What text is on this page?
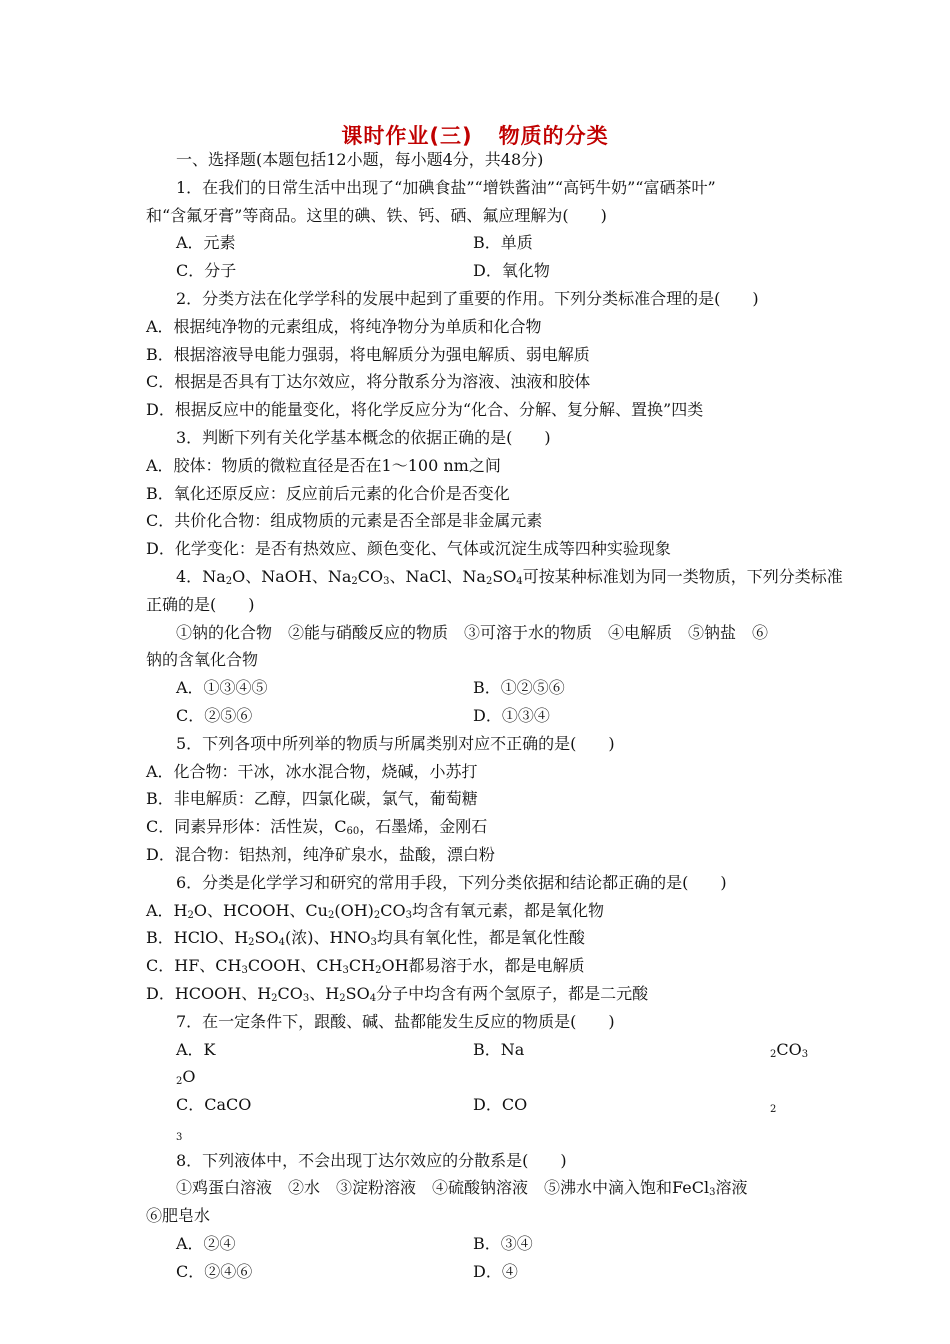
课时作业(三) 物质的分类
一、选择题(本题包括12小题，每小题4分，共48分)
1．在我们的日常生活中出现了“加碘食盐”“增铁酱油”“高钙牛奶”“富硒茶叶”
和“含氟牙膏”等商品。这里的碘、铁、钙、硒、氟应理解为(　　)
A．元素	B．单质
C．分子	D．氧化物
2．分类方法在化学学科的发展中起到了重要的作用。下列分类标准合理的是(　　)
A．根据纯净物的元素组成，将纯净物分为单质和化合物
B．根据溶液导电能力强弱，将电解质分为强电解质、弱电解质
C．根据是否具有丁达尔效应，将分散系分为溶液、浊液和胶体
D．根据反应中的能量变化，将化学反应分为“化合、分解、复分解、置换”四类
3．判断下列有关化学基本概念的依据正确的是(　　)
A．胶体：物质的微粒直径是否在1～100 nm之间
B．氧化还原反应：反应前后元素的化合价是否变化
C．共价化合物：组成物质的元素是否全部是非金属元素
D．化学变化：是否有热效应、颜色变化、气体或沉淀生成等四种实验现象
4．$Na_2O$、NaOH、$Na_2CO_3$、NaCl、$Na_2SO_4$可按某种标准划为同一类物质，下列分类标准
正确的是(　　)
①钠的化合物　②能与硝酸反应的物质　③可溶于水的物质　④电解质　⑤钠盐　⑥
钠的含氧化合物
A．①③④⑤	B．①②⑤⑥
C．②⑤⑥	D．①③④
5．下列各项中所列举的物质与所属类别对应不正确的是(　　)
A．化合物：干冰，冰水混合物，烧碱，小苏打
B．非电解质：乙醇，四氯化碳，氯气，葡萄糖
C．同素异形体：活性炭，$C_{60}$，石墨烯，金刚石
D．混合物：铝热剂，纯净矿泉水，盐酸，漂白粉
6．分类是化学学习和研究的常用手段，下列分类依据和结论都正确的是(　　)
A．$H_2O$、HCOOH、$Cu_2(OH)_2CO_3$均含有氧元素，都是氧化物
B．HClO、$H_2SO_4$(浓)、$HNO_3$均具有氧化性，都是氧化性酸
C．HF、$CH_3COOH$、$CH_3CH_2OH$都易溶于水，都是电解质
D．HCOOH、$H_2CO_3$、$H_2SO_4$分子中均含有两个氢原子，都是二元酸
7．在一定条件下，跟酸、碱、盐都能发生反应的物质是(　　)
A．$K_2O$
B．Na	$_2CO_3$
C．CaCO$_3$
D．CO	$_2$
8．下列液体中，不会出现丁达尔效应的分散系是(　　)
①鸡蛋白溶液　②水　③淀粉溶液　④硫酸钠溶液　⑤沸水中滴入饱和FeCl$_3$溶液
⑥肥皂水
A．②④	B．③④
C．②④⑥	D．④
